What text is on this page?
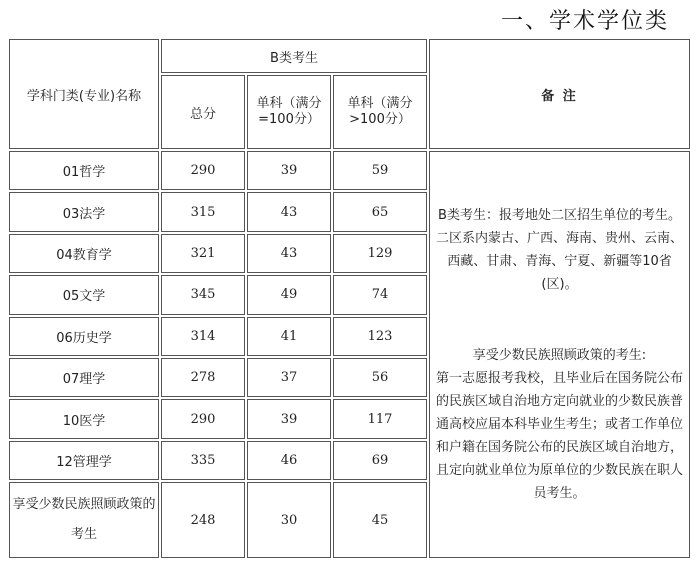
一、学术学位类
学科门类(专业)名称	B类考生			备 注
	总分	单科（满分=100分）	单科（满分>100分）	
01哲学	290	39	59	B类考生：报考地处二区招生单位的考生。二区系内蒙古、广西、海南、贵州、云南、西藏、甘肃、青海、宁夏、新疆等10省(区)。

享受少数民族照顾政策的考生:
第一志愿报考我校，且毕业后在国务院公布的民族区域自治地方定向就业的少数民族普通高校应届本科毕业生考生；或者工作单位和户籍在国务院公布的民族区域自治地方，且定向就业单位为原单位的少数民族在职人员考生。

03法学	315	43	65	
04教育学	321	43	129	
05文学	345	49	74	
06历史学	314	41	123	
07理学	278	37	56	
10医学	290	39	117	
12管理学	335	46	69	
享受少数民族照顾政策的考生	248	30	45	
